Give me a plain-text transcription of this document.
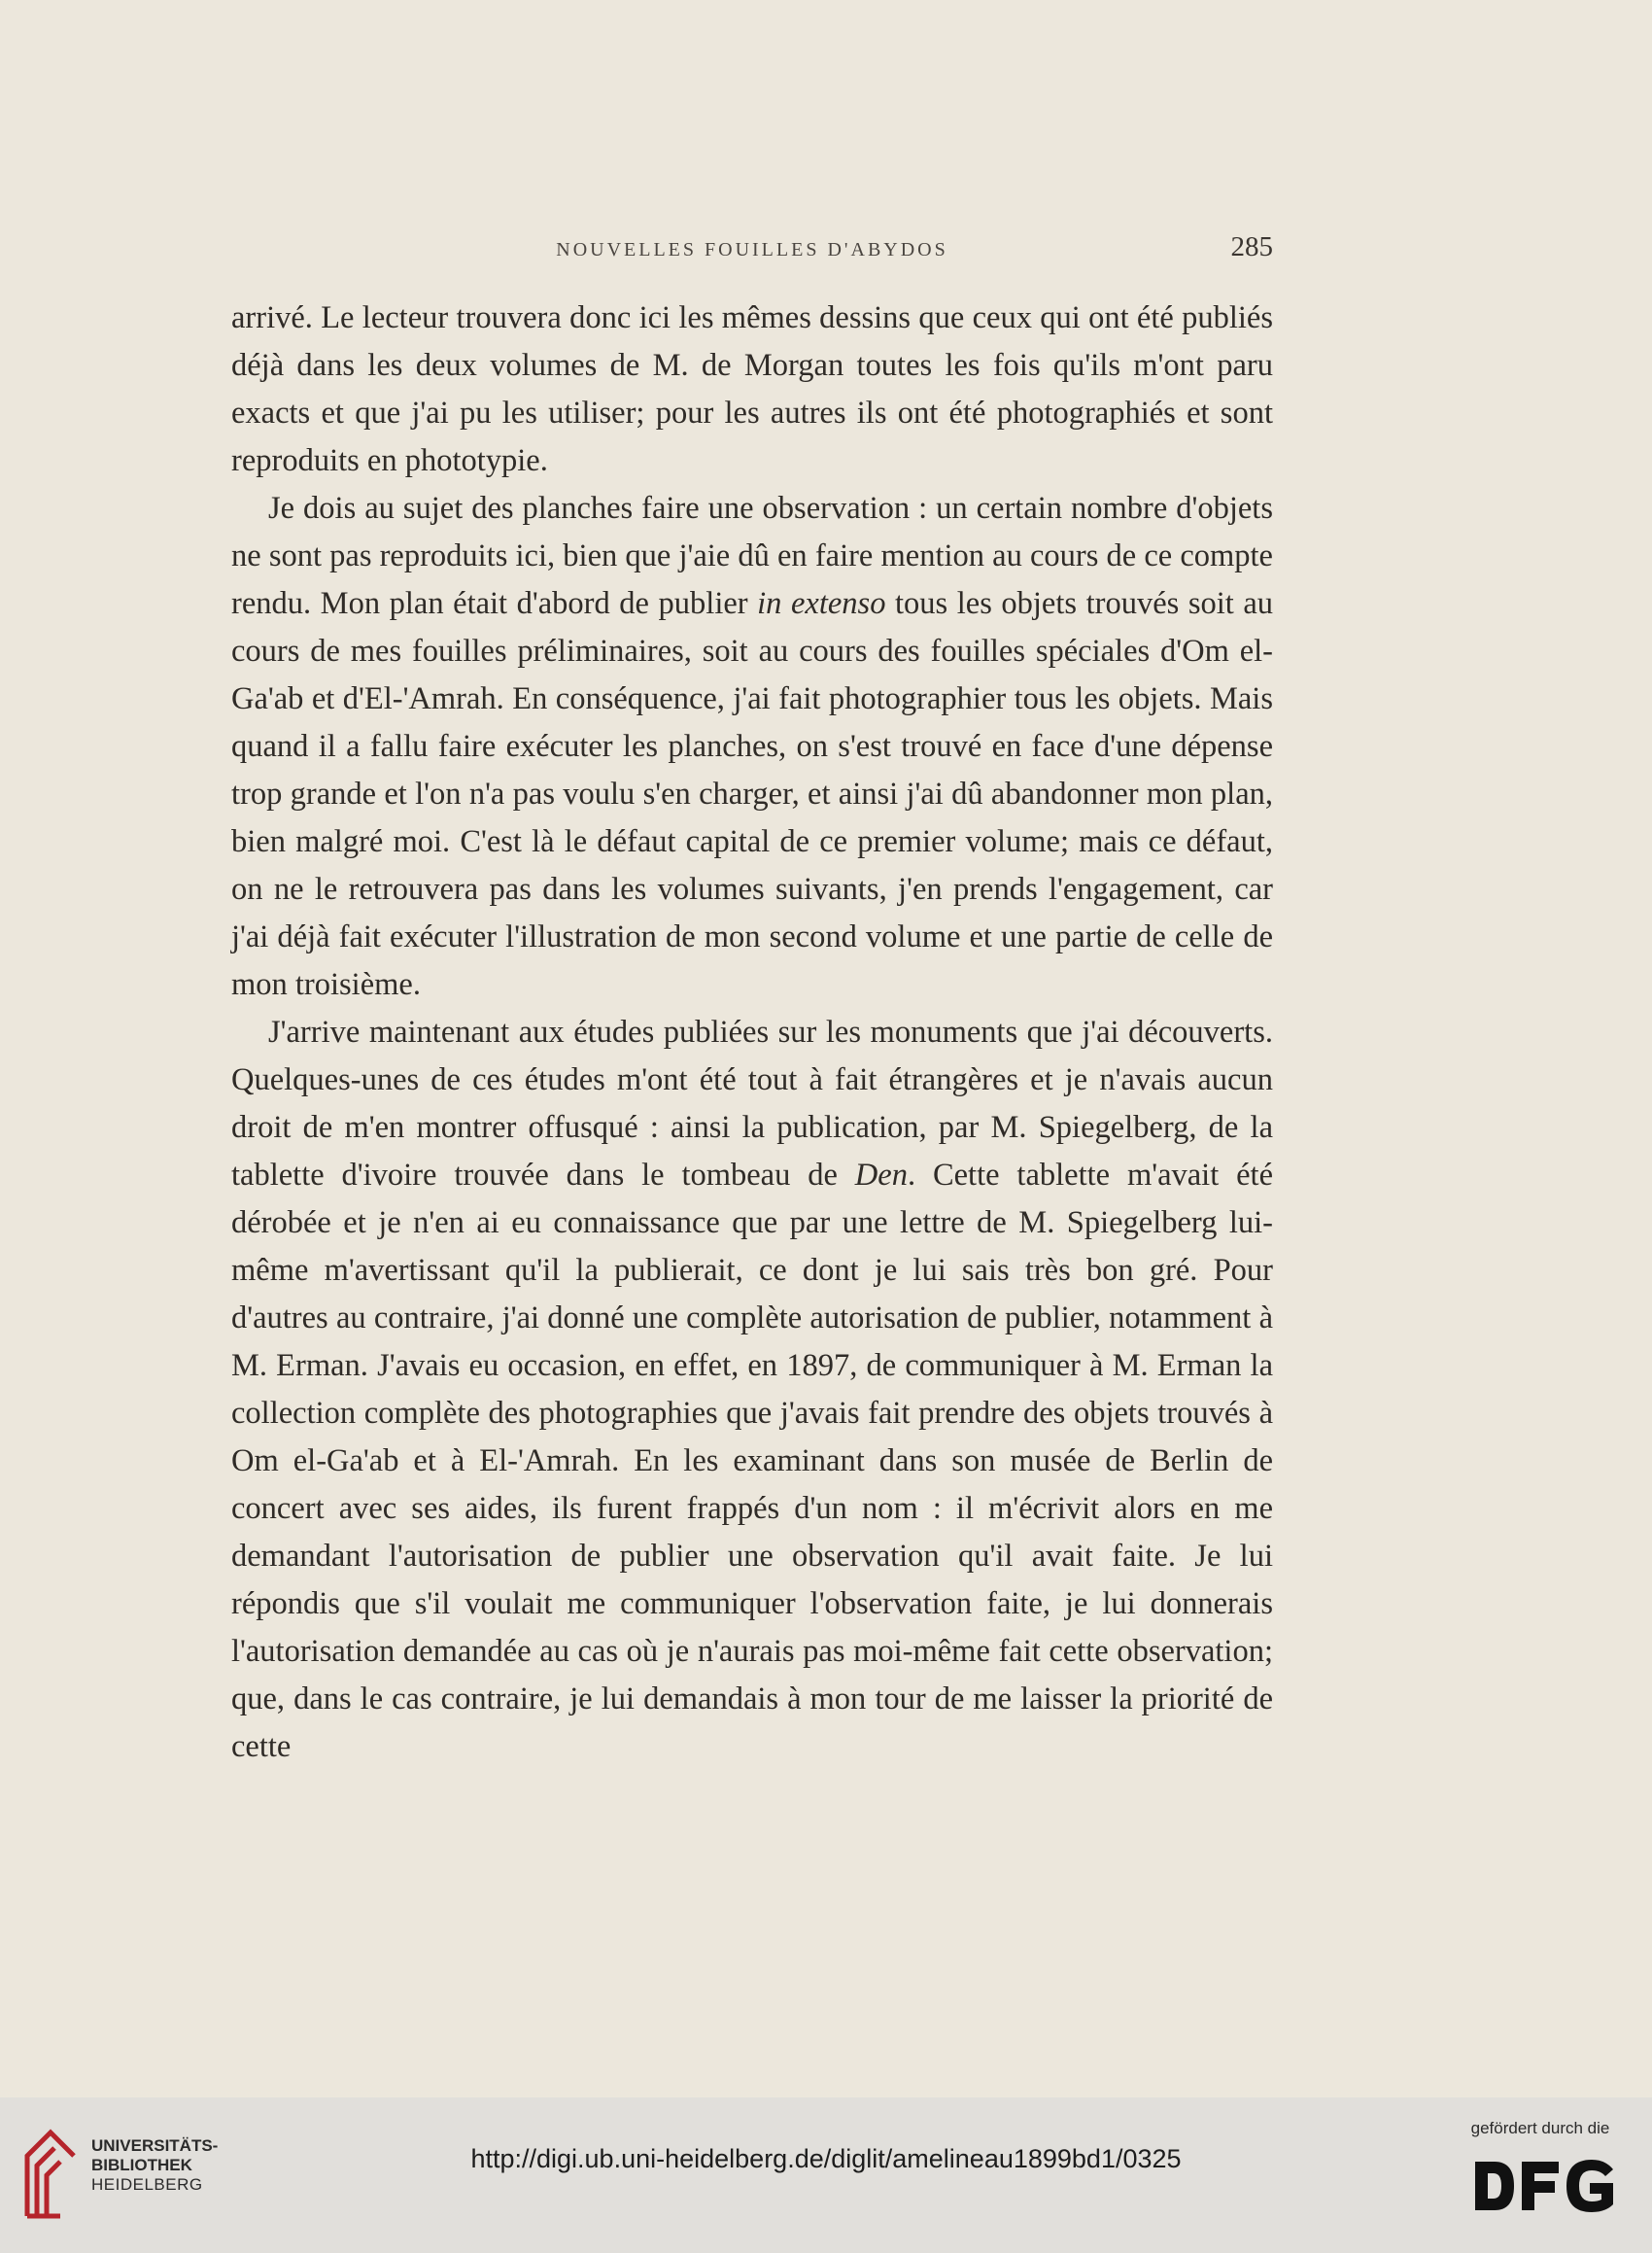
NOUVELLES FOUILLES D'ABYDOS	285

arrivé. Le lecteur trouvera donc ici les mêmes dessins que ceux qui ont été publiés déjà dans les deux volumes de M. de Morgan toutes les fois qu'ils m'ont paru exacts et que j'ai pu les utiliser; pour les autres ils ont été photographiés et sont reproduits en phototypie.

Je dois au sujet des planches faire une observation : un certain nombre d'objets ne sont pas reproduits ici, bien que j'aie dû en faire mention au cours de ce compte rendu. Mon plan était d'abord de publier in extenso tous les objets trouvés soit au cours de mes fouilles préliminaires, soit au cours des fouilles spéciales d'Om el-Ga'ab et d'El-'Amrah. En conséquence, j'ai fait photographier tous les objets. Mais quand il a fallu faire exécuter les planches, on s'est trouvé en face d'une dépense trop grande et l'on n'a pas voulu s'en charger, et ainsi j'ai dû abandonner mon plan, bien malgré moi. C'est là le défaut capital de ce premier volume; mais ce défaut, on ne le retrouvera pas dans les volumes suivants, j'en prends l'engagement, car j'ai déjà fait exécuter l'illustration de mon second volume et une partie de celle de mon troisième.

J'arrive maintenant aux études publiées sur les monuments que j'ai découverts. Quelques-unes de ces études m'ont été tout à fait étrangères et je n'avais aucun droit de m'en montrer offusqué : ainsi la publication, par M. Spiegelberg, de la tablette d'ivoire trouvée dans le tombeau de Den. Cette tablette m'avait été dérobée et je n'en ai eu connaissance que par une lettre de M. Spiegelberg lui-même m'avertissant qu'il la publierait, ce dont je lui sais très bon gré. Pour d'autres au contraire, j'ai donné une complète autorisation de publier, notamment à M. Erman. J'avais eu occasion, en effet, en 1897, de communiquer à M. Erman la collection complète des photographies que j'avais fait prendre des objets trouvés à Om el-Ga'ab et à El-'Amrah. En les examinant dans son musée de Berlin de concert avec ses aides, ils furent frappés d'un nom : il m'écrivit alors en me demandant l'autorisation de publier une observation qu'il avait faite. Je lui répondis que s'il voulait me communiquer l'observation faite, je lui donnerais l'autorisation demandée au cas où je n'aurais pas moi-même fait cette observation; que, dans le cas contraire, je lui demandais à mon tour de me laisser la priorité de cette

UNIVERSITÄTS-
BIBLIOTHEK
HEIDELBERG
http://digi.ub.uni-heidelberg.de/diglit/amelineau1899bd1/0325
gefördert durch die
